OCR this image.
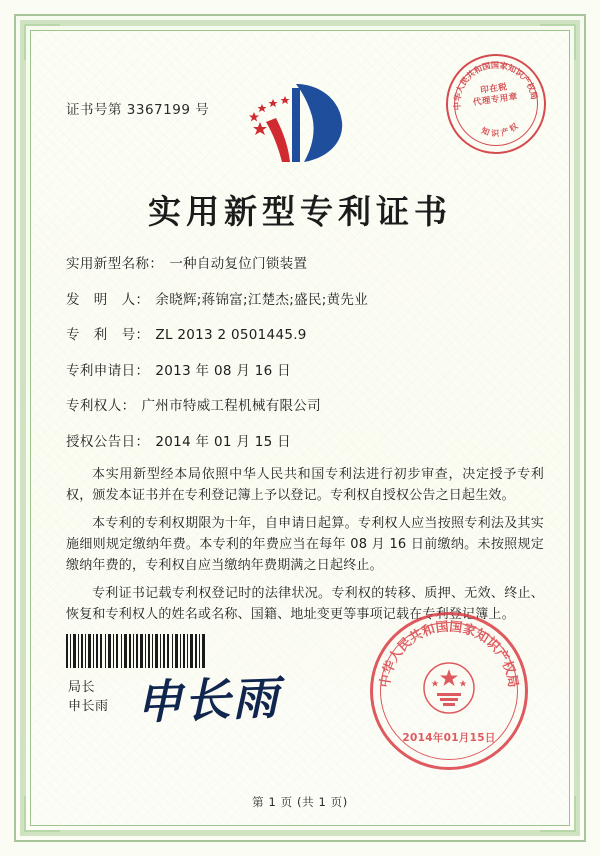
证书号第 3367199 号	中华人民共和国国家知识产权局
知 识 产 权
印在税
代理专用章
实用新型专利证书
实用新型名称： 一种自动复位门锁装置
发　明　人： 余晓辉;蒋锦富;江楚杰;盛民;黄先业
专　利　号： ZL 2013 2 0501445.9
专利申请日： 2013 年 08 月 16 日
专利权人： 广州市特威工程机械有限公司
授权公告日： 2014 年 01 月 15 日

本实用新型经本局依照中华人民共和国专利法进行初步审查，决定授予专利权，颁发本证书并在专利登记簿上予以登记。专利权自授权公告之日起生效。

本专利的专利权期限为十年，自申请日起算。专利权人应当按照专利法及其实施细则规定缴纳年费。本专利的年费应当在每年 08 月 16 日前缴纳。未按照规定缴纳年费的，专利权自应当缴纳年费期满之日起终止。

专利证书记载专利权登记时的法律状况。专利权的转移、质押、无效、终止、恢复和专利权人的姓名或名称、国籍、地址变更等事项记载在专利登记簿上。

局长
申长雨 申长雨	中华人民共和国国家知识产权局
2014年01月15日
第 1 页 (共 1 页)
